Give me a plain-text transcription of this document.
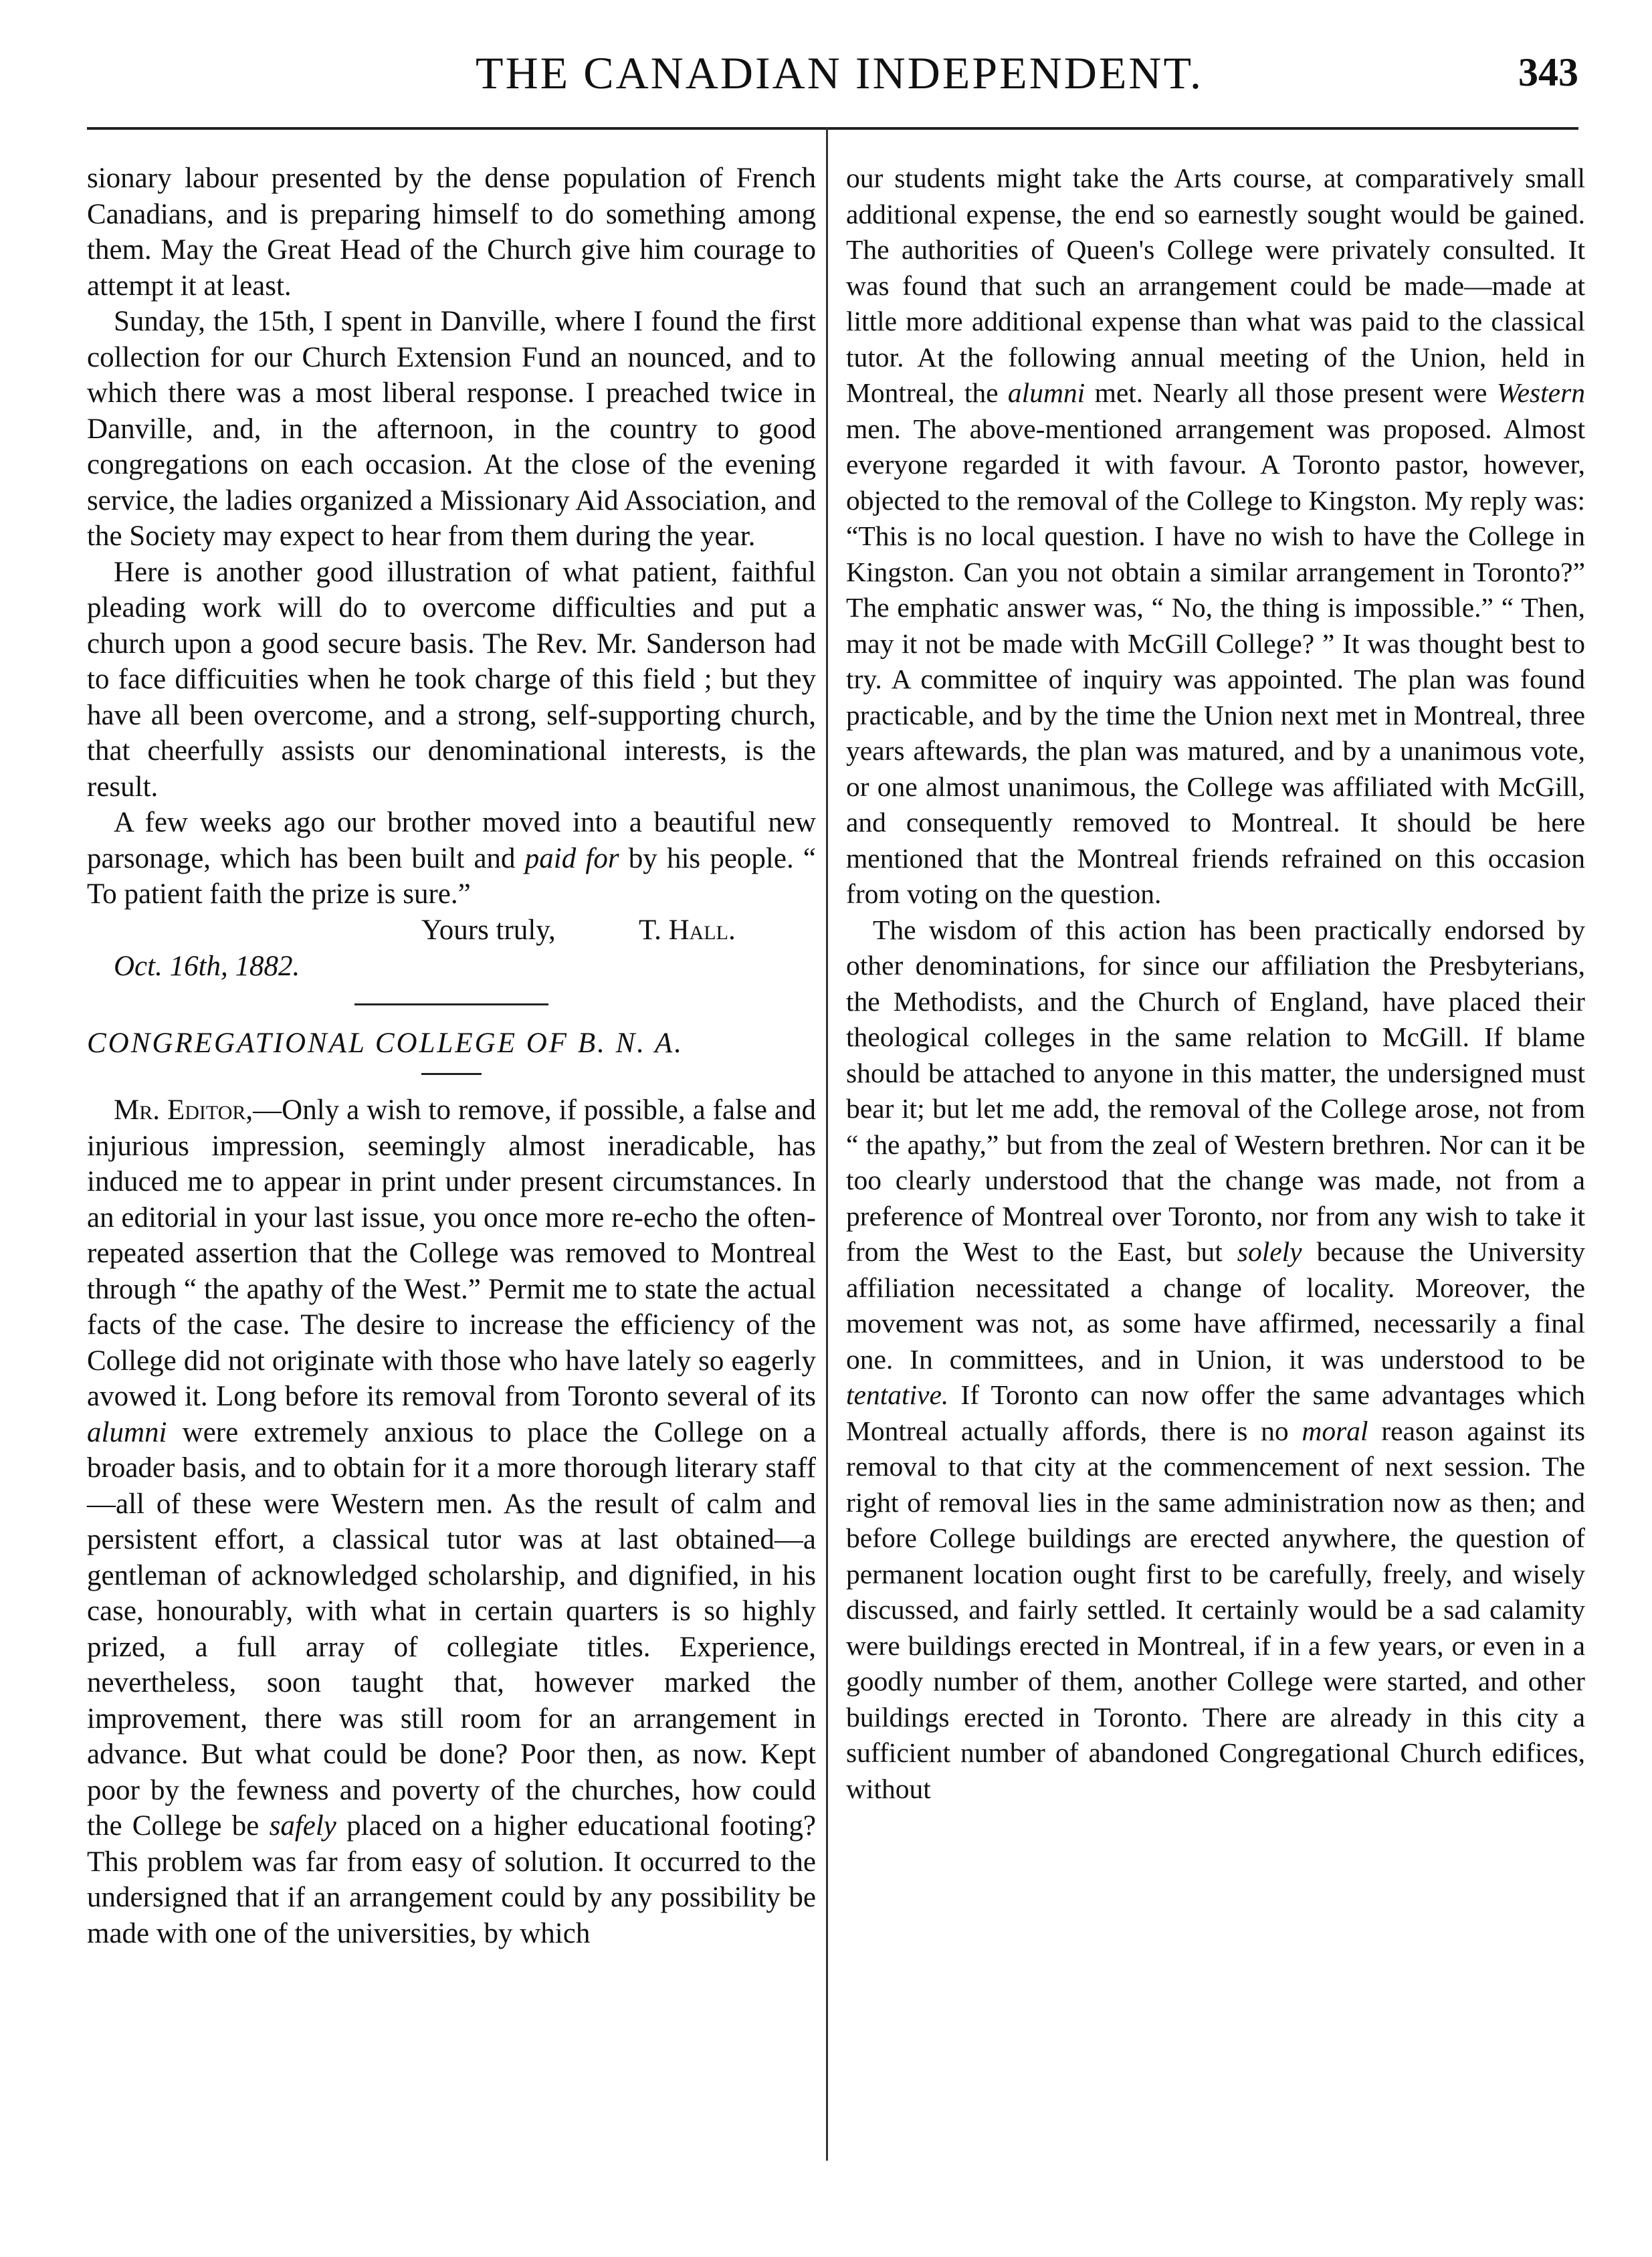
THE CANADIAN INDEPENDENT.	343

sionary labour presented by the dense population of French Canadians, and is preparing himself to do something among them. May the Great Head of the Church give him courage to attempt it at least.

Sunday, the 15th, I spent in Danville, where I found the first collection for our Church Extension Fund an nounced, and to which there was a most liberal response. I preached twice in Danville, and, in the afternoon, in the country to good congregations on each occasion. At the close of the evening service, the ladies organized a Missionary Aid Association, and the Society may expect to hear from them during the year.

Here is another good illustration of what patient, faithful pleading work will do to overcome difficulties and put a church upon a good secure basis. The Rev. Mr. Sanderson had to face difficuities when he took charge of this field ; but they have all been overcome, and a strong, self-supporting church, that cheerfully assists our denominational interests, is the result.

A few weeks ago our brother moved into a beautiful new parsonage, which has been built and paid for by his people. “ To patient faith the prize is sure.”

Yours truly,	T. Hall.
Oct. 16th, 1882.

CONGREGATIONAL COLLEGE OF B. N. A.

Mr. Editor,—Only a wish to remove, if possible, a false and injurious impression, seemingly almost ineradicable, has induced me to appear in print under present circumstances. In an editorial in your last issue, you once more re-echo the often-repeated assertion that the College was removed to Montreal through “ the apathy of the West.” Permit me to state the actual facts of the case. The desire to increase the efficiency of the College did not originate with those who have lately so eagerly avowed it. Long before its removal from Toronto several of its alumni were extremely anxious to place the College on a broader basis, and to obtain for it a more thorough literary staff—all of these were Western men. As the result of calm and persistent effort, a classical tutor was at last obtained—a gentleman of acknowledged scholarship, and dignified, in his case, honourably, with what in certain quarters is so highly prized, a full array of collegiate titles. Experience, nevertheless, soon taught that, however marked the improvement, there was still room for an arrangement in advance. But what could be done? Poor then, as now. Kept poor by the fewness and poverty of the churches, how could the College be safely placed on a higher educational footing? This problem was far from easy of solution. It occurred to the undersigned that if an arrangement could by any possibility be made with one of the universities, by which

our students might take the Arts course, at comparatively small additional expense, the end so earnestly sought would be gained. The authorities of Queen's College were privately consulted. It was found that such an arrangement could be made—made at little more additional expense than what was paid to the classical tutor. At the following annual meeting of the Union, held in Montreal, the alumni met. Nearly all those present were Western men. The above-mentioned arrangement was proposed. Almost everyone regarded it with favour. A Toronto pastor, however, objected to the removal of the College to Kingston. My reply was: “This is no local question. I have no wish to have the College in Kingston. Can you not obtain a similar arrangement in Toronto?” The emphatic answer was, “ No, the thing is impossible.” “ Then, may it not be made with McGill College? ” It was thought best to try. A committee of inquiry was appointed. The plan was found practicable, and by the time the Union next met in Montreal, three years aftewards, the plan was matured, and by a unanimous vote, or one almost unanimous, the College was affiliated with McGill, and consequently removed to Montreal. It should be here mentioned that the Montreal friends refrained on this occasion from voting on the question.

The wisdom of this action has been practically endorsed by other denominations, for since our affiliation the Presbyterians, the Methodists, and the Church of England, have placed their theological colleges in the same relation to McGill. If blame should be attached to anyone in this matter, the undersigned must bear it; but let me add, the removal of the College arose, not from “ the apathy,” but from the zeal of Western brethren. Nor can it be too clearly understood that the change was made, not from a preference of Montreal over Toronto, nor from any wish to take it from the West to the East, but solely because the University affiliation necessitated a change of locality. Moreover, the movement was not, as some have affirmed, necessarily a final one. In committees, and in Union, it was understood to be tentative. If Toronto can now offer the same advantages which Montreal actually affords, there is no moral reason against its removal to that city at the commencement of next session. The right of removal lies in the same administration now as then; and before College buildings are erected anywhere, the question of permanent location ought first to be carefully, freely, and wisely discussed, and fairly settled. It certainly would be a sad calamity were buildings erected in Montreal, if in a few years, or even in a goodly number of them, another College were started, and other buildings erected in Toronto. There are already in this city a sufficient number of abandoned Congregational Church edifices, without
